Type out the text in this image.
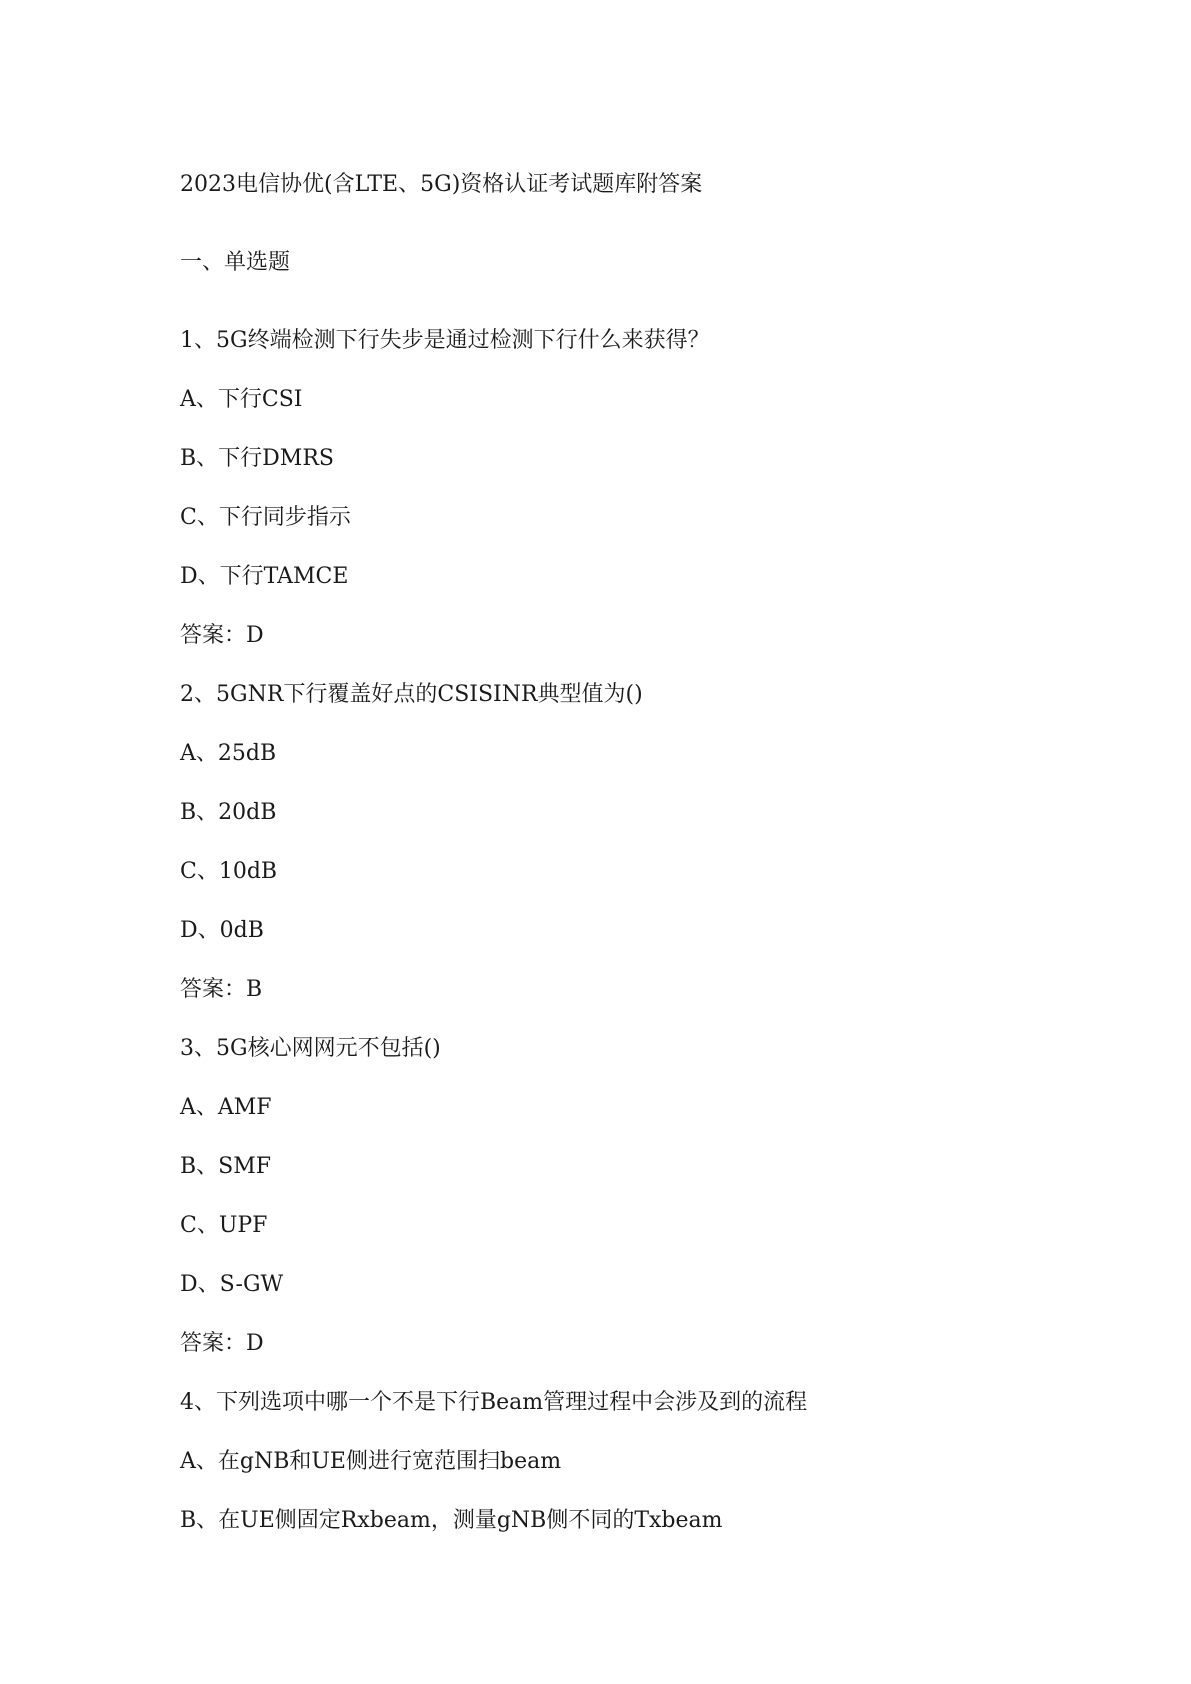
2023电信协优(含LTE、5G)资格认证考试题库附答案
一、单选题
1、5G终端检测下行失步是通过检测下行什么来获得？
A、下行CSI
B、下行DMRS
C、下行同步指示
D、下行TAMCE
答案：D
2、5GNR下行覆盖好点的CSISINR典型值为()
A、25dB
B、20dB
C、10dB
D、0dB
答案：B
3、5G核心网网元不包括()
A、AMF
B、SMF
C、UPF
D、S-GW
答案：D
4、下列选项中哪一个不是下行Beam管理过程中会涉及到的流程
A、在gNB和UE侧进行宽范围扫beam
B、在UE侧固定Rxbeam，测量gNB侧不同的Txbeam
